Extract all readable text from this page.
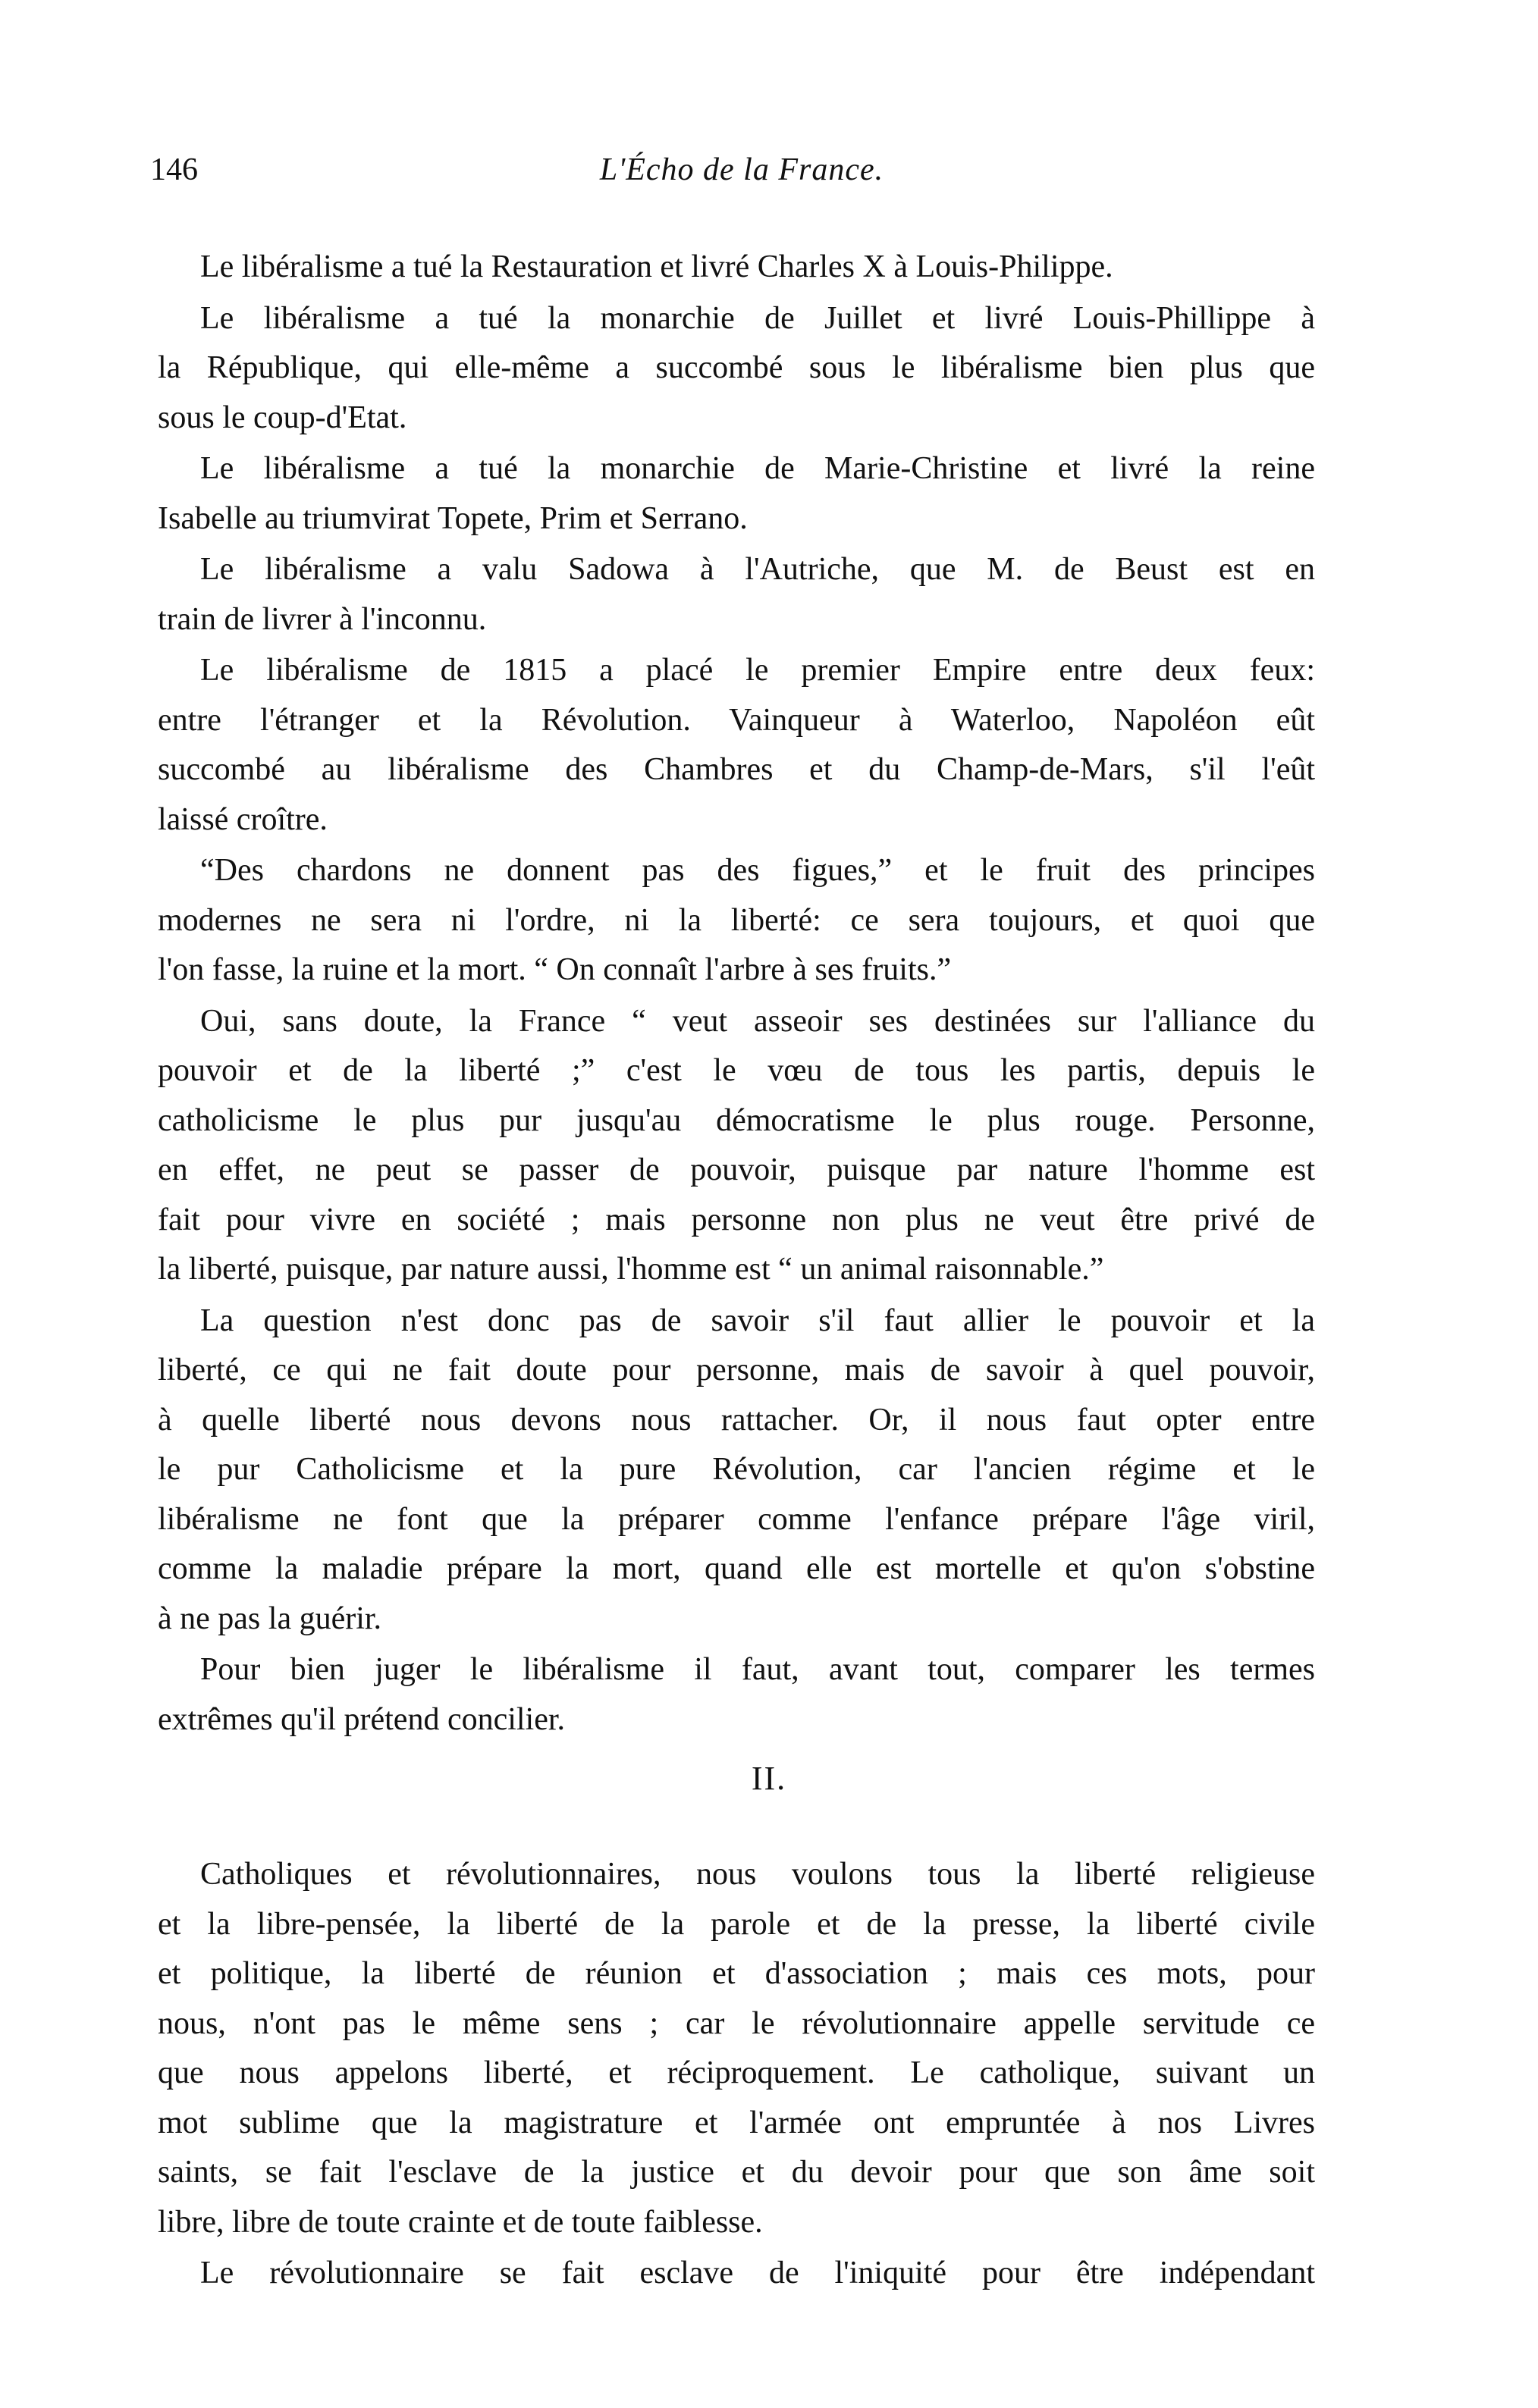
146	L'Écho de la France.

Le libéralisme a tué la Restauration et livré Charles X à Louis-Philippe.

Le libéralisme a tué la monarchie de Juillet et livré Louis-Phillippe à
la République, qui elle-même a succombé sous le libéralisme bien plus que
sous le coup-d'Etat.

Le libéralisme a tué la monarchie de Marie-Christine et livré la reine
Isabelle au triumvirat Topete, Prim et Serrano.

Le libéralisme a valu Sadowa à l'Autriche, que M. de Beust est en
train de livrer à l'inconnu.

Le libéralisme de 1815 a placé le premier Empire entre deux feux:
entre l'étranger et la Révolution. Vainqueur à Waterloo, Napoléon eût
succombé au libéralisme des Chambres et du Champ-de-Mars, s'il l'eût
laissé croître.

“Des chardons ne donnent pas des figues,” et le fruit des principes
modernes ne sera ni l'ordre, ni la liberté: ce sera toujours, et quoi que
l'on fasse, la ruine et la mort. “ On connaît l'arbre à ses fruits.”

Oui, sans doute, la France “ veut asseoir ses destinées sur l'alliance du
pouvoir et de la liberté ;” c'est le vœu de tous les partis, depuis le
catholicisme le plus pur jusqu'au démocratisme le plus rouge. Personne,
en effet, ne peut se passer de pouvoir, puisque par nature l'homme est
fait pour vivre en société ; mais personne non plus ne veut être privé de
la liberté, puisque, par nature aussi, l'homme est “ un animal raisonnable.”

La question n'est donc pas de savoir s'il faut allier le pouvoir et la
liberté, ce qui ne fait doute pour personne, mais de savoir à quel pouvoir,
à quelle liberté nous devons nous rattacher. Or, il nous faut opter entre
le pur Catholicisme et la pure Révolution, car l'ancien régime et le
libéralisme ne font que la préparer comme l'enfance prépare l'âge viril,
comme la maladie prépare la mort, quand elle est mortelle et qu'on s'obstine
à ne pas la guérir.

Pour bien juger le libéralisme il faut, avant tout, comparer les termes
extrêmes qu'il prétend concilier.

II.

Catholiques et révolutionnaires, nous voulons tous la liberté religieuse
et la libre-pensée, la liberté de la parole et de la presse, la liberté civile
et politique, la liberté de réunion et d'association ; mais ces mots, pour
nous, n'ont pas le même sens ; car le révolutionnaire appelle servitude ce
que nous appelons liberté, et réciproquement. Le catholique, suivant un
mot sublime que la magistrature et l'armée ont empruntée à nos Livres
saints, se fait l'esclave de la justice et du devoir pour que son âme soit
libre, libre de toute crainte et de toute faiblesse.

Le révolutionnaire se fait esclave de l'iniquité pour être indépendant
